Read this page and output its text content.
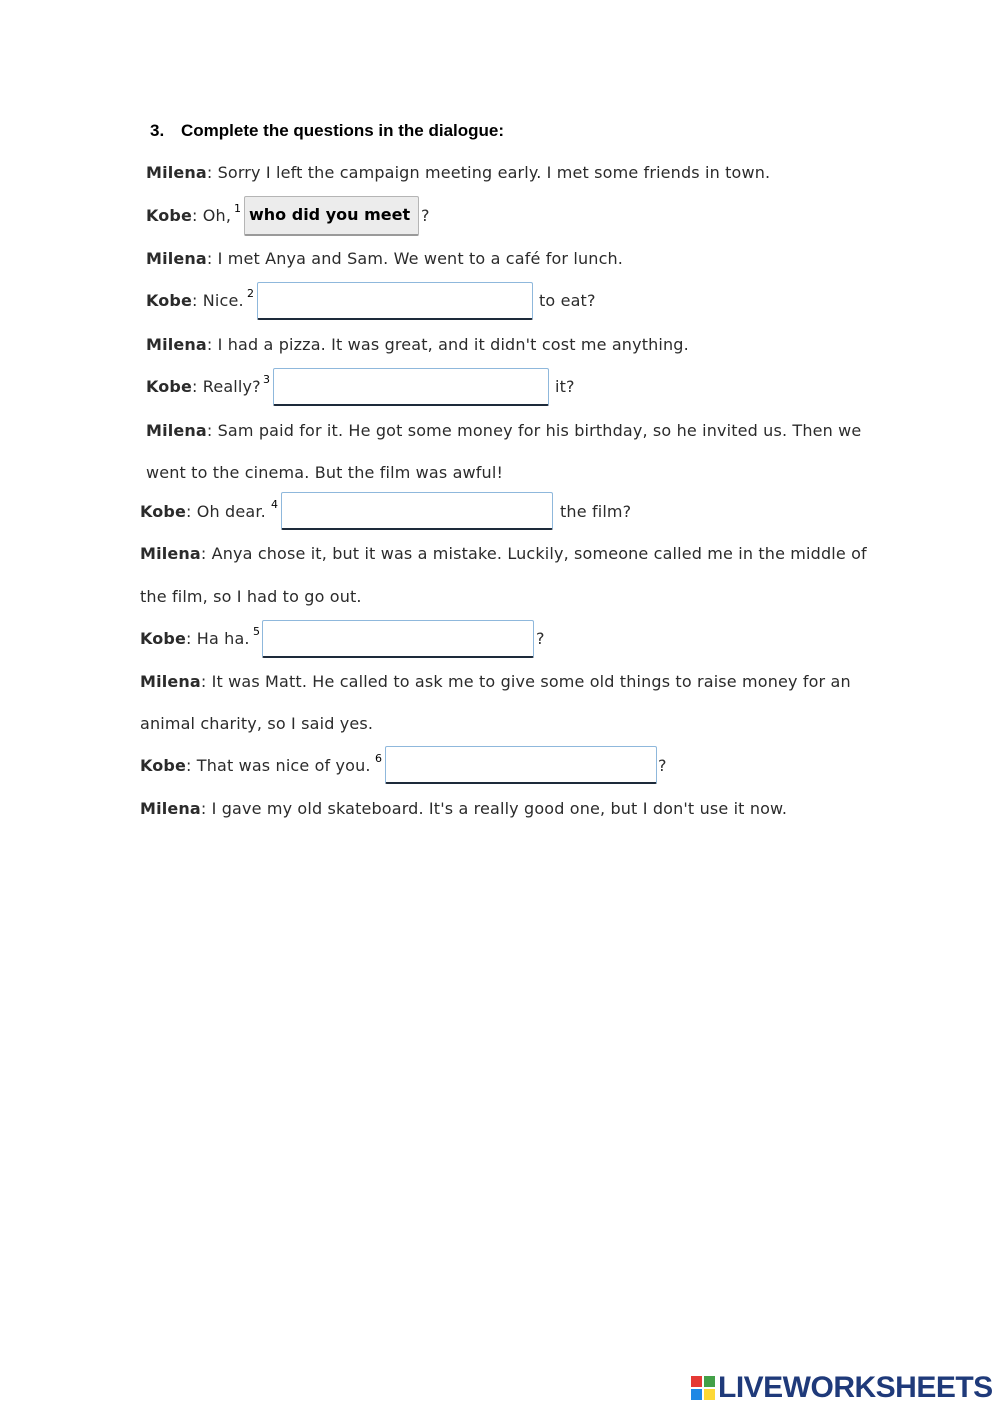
3. Complete the questions in the dialogue:
Milena: Sorry I left the campaign meeting early. I met some friends in town.
Kobe: Oh, 1 who did you meet ?
Milena: I met Anya and Sam. We went to a café for lunch.
Kobe: Nice. 2	to eat?
Milena: I had a pizza. It was great, and it didn't cost me anything.
Kobe: Really? 3	it?
Milena: Sam paid for it. He got some money for his birthday, so he invited us. Then we
went to the cinema. But the film was awful!
Kobe: Oh dear. 4	the film?
Milena: Anya chose it, but it was a mistake. Luckily, someone called me in the middle of
the film, so I had to go out.
Kobe: Ha ha. 5	?
Milena: It was Matt. He called to ask me to give some old things to raise money for an
animal charity, so I said yes.
Kobe: That was nice of you. 6	?
Milena: I gave my old skateboard. It's a really good one, but I don't use it now.
LIVEWORKSHEETS
